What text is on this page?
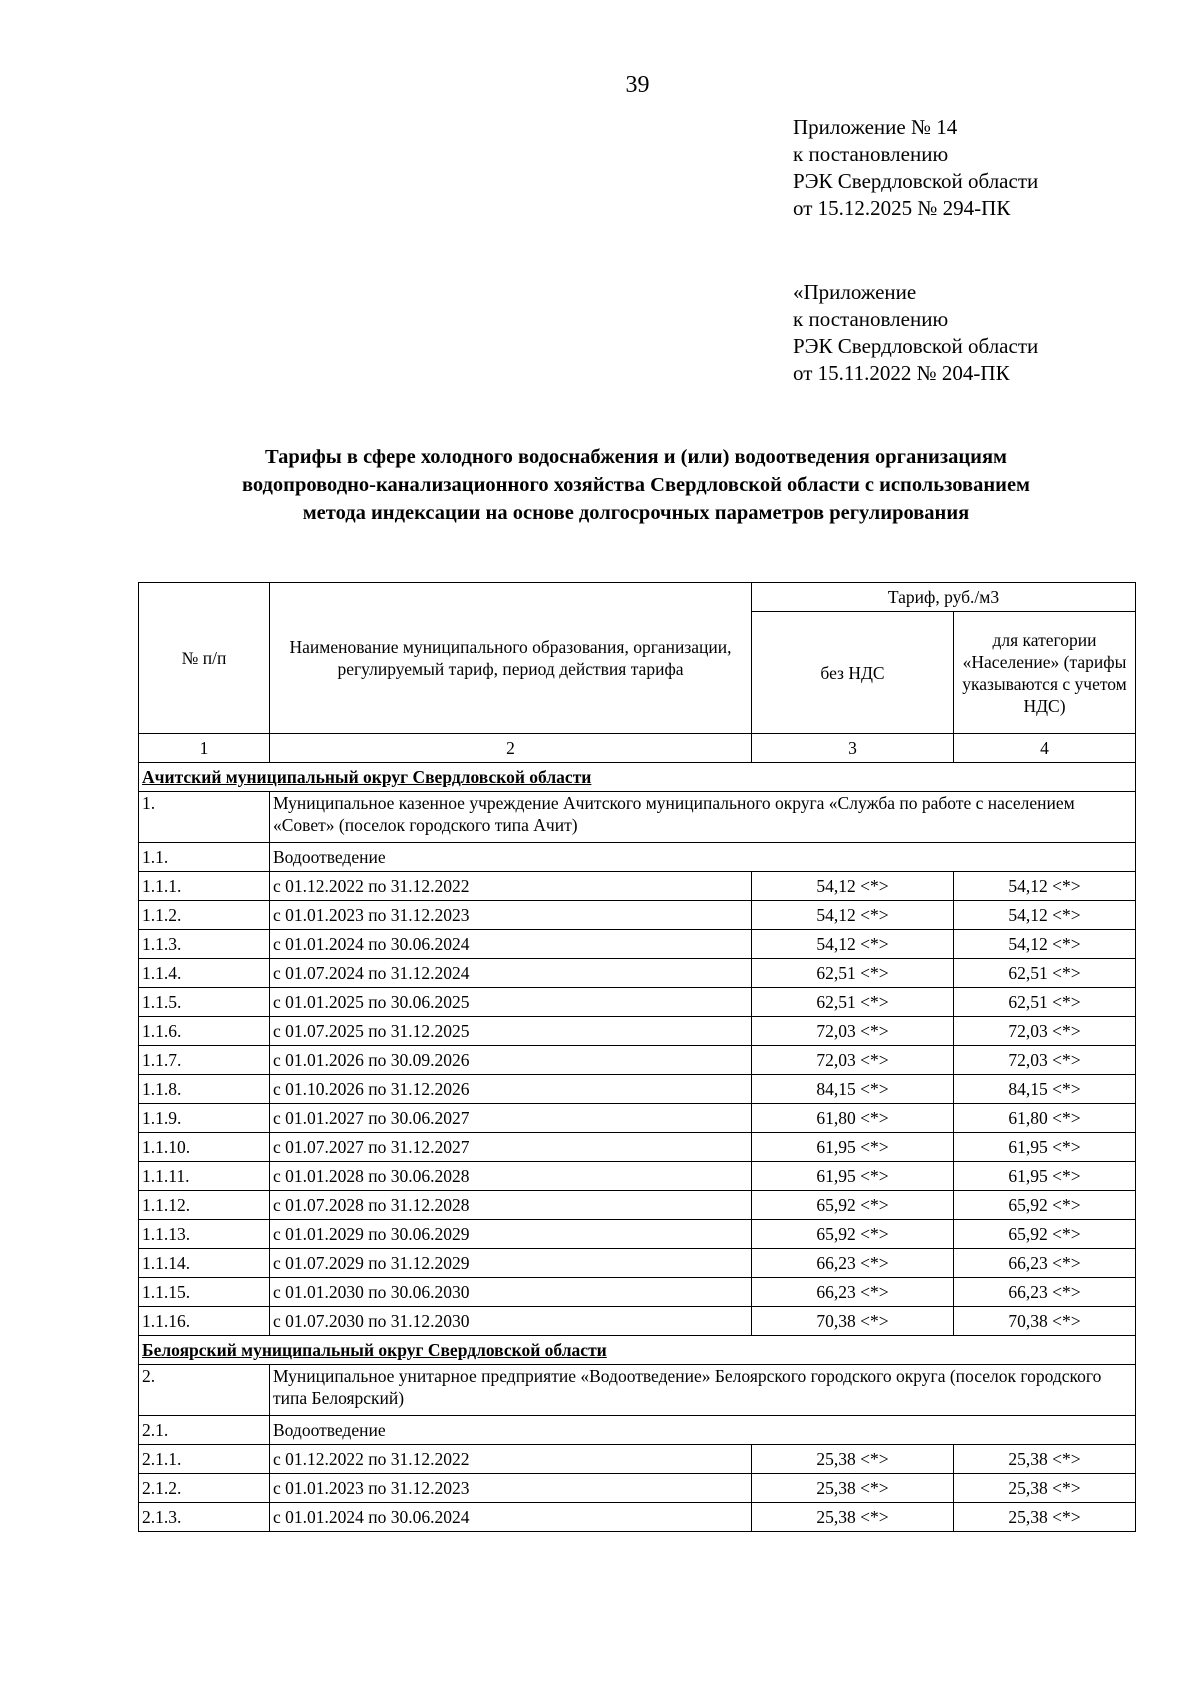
39
Приложение № 14
к постановлению
РЭК Свердловской области
от 15.12.2025 № 294-ПК
«Приложение
к постановлению
РЭК Свердловской области
от 15.11.2022 № 204-ПК
Тарифы в сфере холодного водоснабжения и (или) водоотведения организациям
водопроводно-канализационного хозяйства Свердловской области с использованием
метода индексации на основе долгосрочных параметров регулирования
№ п/п	Наименование муниципального образования, организации, регулируемый тариф, период действия тарифа	Тариф, руб./м3	
		без НДС	для категории «Население» (тарифы указываются с учетом НДС)
1	2	3	4
Ачитский муниципальный округ Свердловской области			
1.	Муниципальное казенное учреждение Ачитского муниципального округа «Служба по работе с населением «Совет» (поселок городского типа Ачит)		
1.1.	Водоотведение		
1.1.1.	с 01.12.2022 по 31.12.2022	54,12 <*>	54,12 <*>
1.1.2.	с 01.01.2023 по 31.12.2023	54,12 <*>	54,12 <*>
1.1.3.	с 01.01.2024 по 30.06.2024	54,12 <*>	54,12 <*>
1.1.4.	с 01.07.2024 по 31.12.2024	62,51 <*>	62,51 <*>
1.1.5.	с 01.01.2025 по 30.06.2025	62,51 <*>	62,51 <*>
1.1.6.	с 01.07.2025 по 31.12.2025	72,03 <*>	72,03 <*>
1.1.7.	с 01.01.2026 по 30.09.2026	72,03 <*>	72,03 <*>
1.1.8.	с 01.10.2026 по 31.12.2026	84,15 <*>	84,15 <*>
1.1.9.	с 01.01.2027 по 30.06.2027	61,80 <*>	61,80 <*>
1.1.10.	с 01.07.2027 по 31.12.2027	61,95 <*>	61,95 <*>
1.1.11.	с 01.01.2028 по 30.06.2028	61,95 <*>	61,95 <*>
1.1.12.	с 01.07.2028 по 31.12.2028	65,92 <*>	65,92 <*>
1.1.13.	с 01.01.2029 по 30.06.2029	65,92 <*>	65,92 <*>
1.1.14.	с 01.07.2029 по 31.12.2029	66,23 <*>	66,23 <*>
1.1.15.	с 01.01.2030 по 30.06.2030	66,23 <*>	66,23 <*>
1.1.16.	с 01.07.2030 по 31.12.2030	70,38 <*>	70,38 <*>
Белоярский муниципальный округ Свердловской области			
2.	Муниципальное унитарное предприятие «Водоотведение» Белоярского городского округа (поселок городского типа Белоярский)		
2.1.	Водоотведение		
2.1.1.	с 01.12.2022 по 31.12.2022	25,38 <*>	25,38 <*>
2.1.2.	с 01.01.2023 по 31.12.2023	25,38 <*>	25,38 <*>
2.1.3.	с 01.01.2024 по 30.06.2024	25,38 <*>	25,38 <*>
